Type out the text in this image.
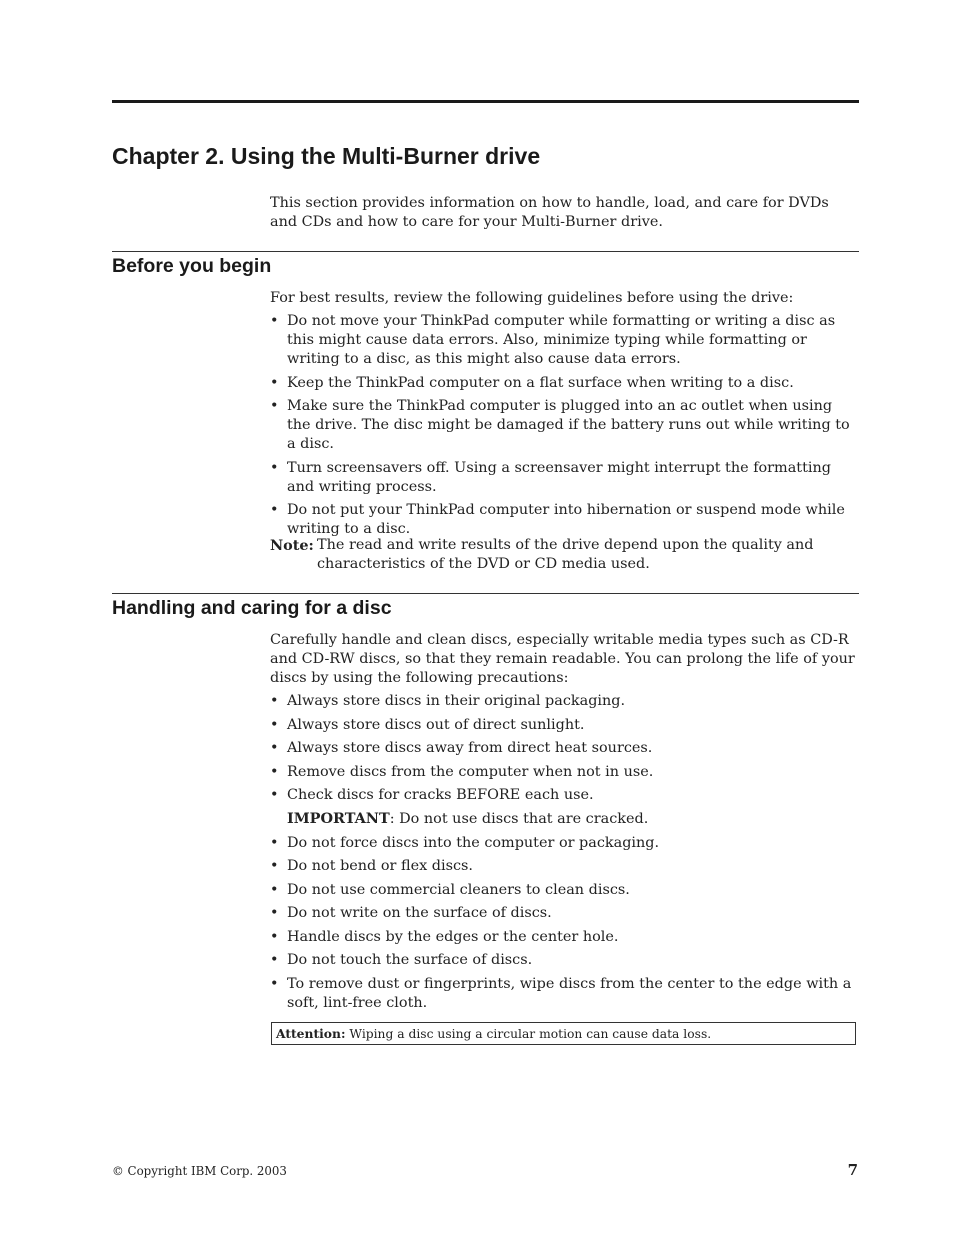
Chapter 2. Using the Multi-Burner drive

This section provides information on how to handle, load, and care for DVDs and CDs and how to care for your Multi-Burner drive.

Before you begin

For best results, review the following guidelines before using the drive:

• Do not move your ThinkPad computer while formatting or writing a disc as this might cause data errors. Also, minimize typing while formatting or writing to a disc, as this might also cause data errors.
• Keep the ThinkPad computer on a flat surface when writing to a disc.
• Make sure the ThinkPad computer is plugged into an ac outlet when using the drive. The disc might be damaged if the battery runs out while writing to a disc.
• Turn screensavers off. Using a screensaver might interrupt the formatting and writing process.
• Do not put your ThinkPad computer into hibernation or suspend mode while writing to a disc.
Note: The read and write results of the drive depend upon the quality and characteristics of the DVD or CD media used.
Handling and caring for a disc

Carefully handle and clean discs, especially writable media types such as CD-R and CD-RW discs, so that they remain readable. You can prolong the life of your discs by using the following precautions:

• Always store discs in their original packaging.
• Always store discs out of direct sunlight.
• Always store discs away from direct heat sources.
• Remove discs from the computer when not in use.
• Check discs for cracks BEFORE each use.
IMPORTANT: Do not use discs that are cracked.
• Do not force discs into the computer or packaging.
• Do not bend or flex discs.
• Do not use commercial cleaners to clean discs.
• Do not write on the surface of discs.
• Handle discs by the edges or the center hole.
• Do not touch the surface of discs.
• To remove dust or fingerprints, wipe discs from the center to the edge with a soft, lint-free cloth.
Attention: Wiping a disc using a circular motion can cause data loss.
© Copyright IBM Corp. 2003	7
